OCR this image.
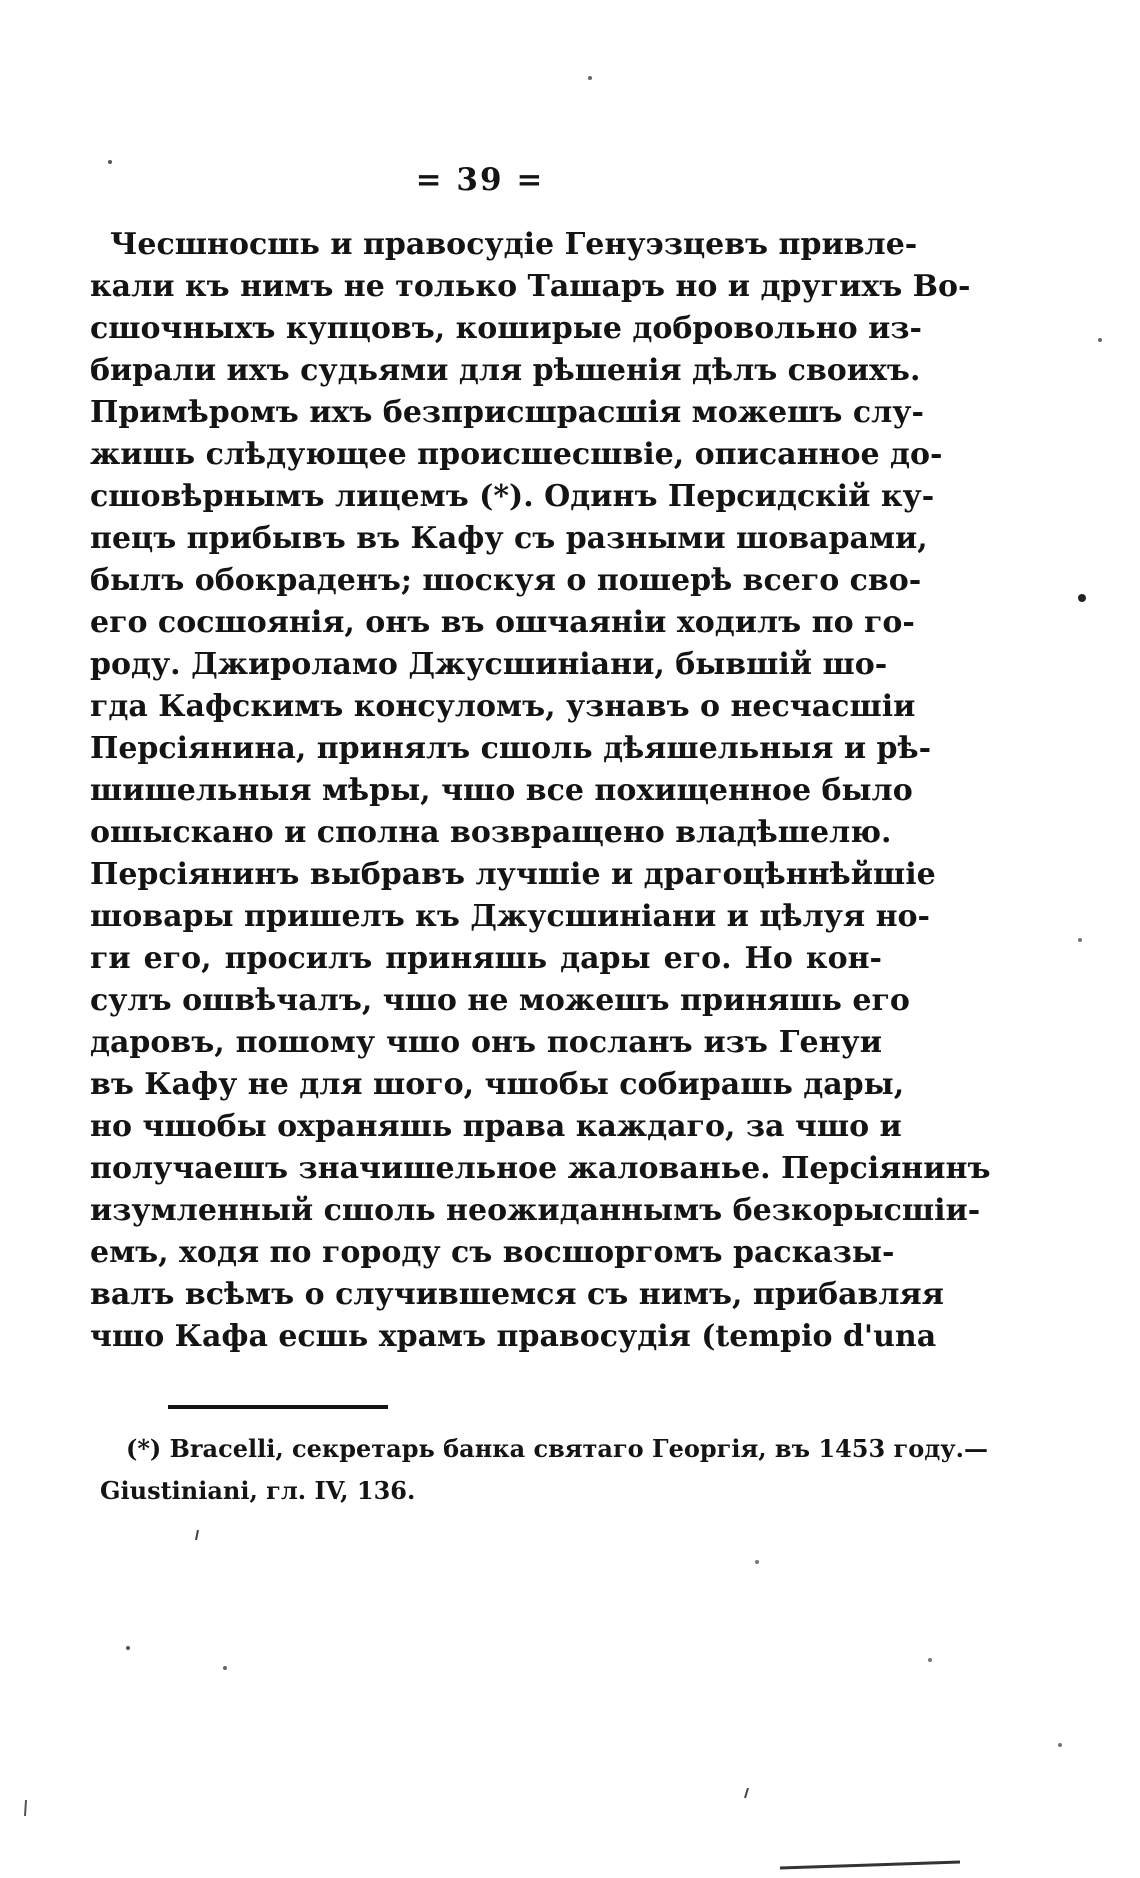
= 39 =
Чесшносшь и правосудіе Генуэзцевъ привле-
кали къ нимъ не только Ташаръ но и другихъ Во-
сшочныхъ купцовъ, коширые добровольно из-
бирали ихъ судьями для рѣшенія дѣлъ своихъ.
Примѣромъ ихъ безприсшрасшія можешъ слу-
жишь слѣдующее происшесшвіе, описанное до-
сшовѣрнымъ лицемъ (*). Одинъ Персидскій ку-
пецъ прибывъ въ Кафу съ разными шоварами,
былъ обокраденъ; шоскуя о пошерѣ всего сво-
его сосшоянія, онъ въ ошчаяніи ходилъ по го-
роду. Джироламо Джусшиніани, бывшій шо-
гда Кафскимъ консуломъ, узнавъ о несчасшіи
Персіянина, принялъ сшоль дѣяшельныя и рѣ-
шишельныя мѣры, чшо все похищенное было
ошыскано и сполна возвращено владѣшелю.
Персіянинъ выбравъ лучшіе и драгоцѣннѣйшіе
шовары пришелъ къ Джусшиніани и цѣлуя но-
ги его, просилъ приняшь дары его. Но кон-
сулъ ошвѣчалъ, чшо не можешъ приняшь его
даровъ, пошому чшо онъ посланъ изъ Генуи
въ Кафу не для шого, чшобы собирашь дары,
но чшобы охраняшь права каждаго, за чшо и
получаешъ значишельное жалованье. Персіянинъ
изумленный сшоль неожиданнымъ безкорысшіи-
емъ, ходя по городу съ восшоргомъ расказы-
валъ всѣмъ о случившемся съ нимъ, прибавляя
чшо Кафа есшь храмъ правосудія (tempio d'una
(*) Bracelli, секретарь банка святаго Георгія, въ 1453 году.—
Giustiniani, гл. IV, 136.
